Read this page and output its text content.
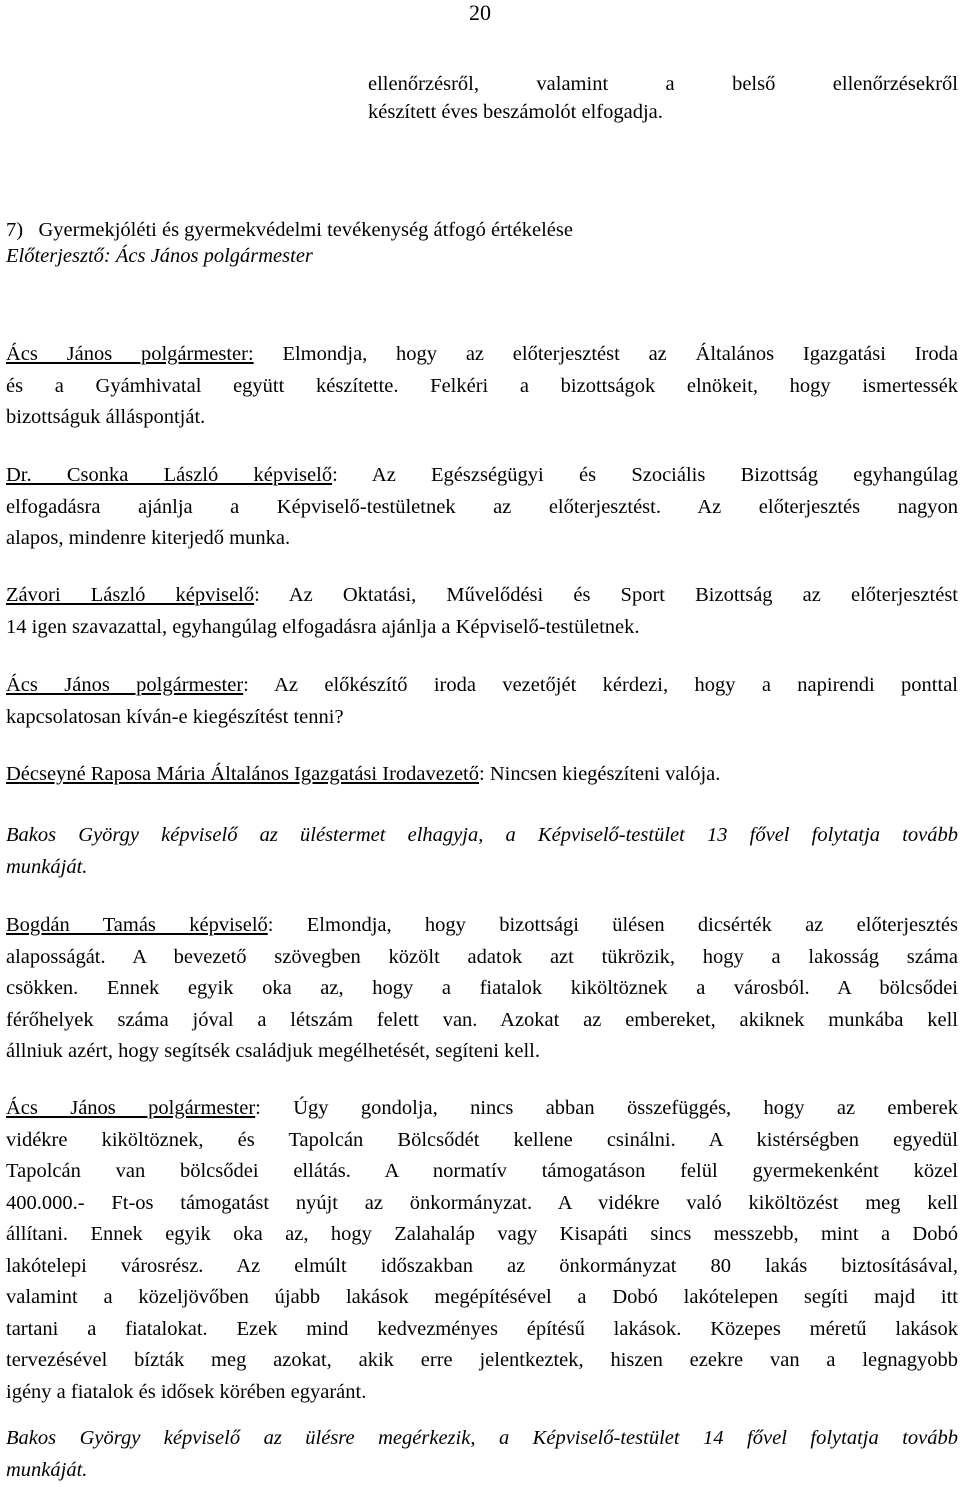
20
ellenőrzésről, valamint a belső ellenőrzésekről
készített éves beszámolót elfogadja.
7)   Gyermekjóléti és gyermekvédelmi tevékenység átfogó értékelése
Előterjesztő: Ács János polgármester
Ács János polgármester: Elmondja, hogy az előterjesztést az Általános Igazgatási Iroda
és a Gyámhivatal együtt készítette. Felkéri a bizottságok elnökeit, hogy ismertessék
bizottságuk álláspontját.
Dr. Csonka László képviselő: Az Egészségügyi és Szociális Bizottság egyhangúlag
elfogadásra ajánlja a Képviselő-testületnek az előterjesztést. Az előterjesztés nagyon
alapos, mindenre kiterjedő munka.
Závori László képviselő: Az Oktatási, Művelődési és Sport Bizottság az előterjesztést
14 igen szavazattal, egyhangúlag elfogadásra ajánlja a Képviselő-testületnek.
Ács János polgármester: Az előkészítő iroda vezetőjét kérdezi, hogy a napirendi ponttal
kapcsolatosan kíván-e kiegészítést tenni?
Décseyné Raposa Mária Általános Igazgatási Irodavezető: Nincsen kiegészíteni valója.
Bakos György képviselő az üléstermet elhagyja, a Képviselő-testület 13 fővel folytatja tovább
munkáját.
Bogdán Tamás képviselő: Elmondja, hogy bizottsági ülésen dicsérték az előterjesztés
alaposságát. A bevezető szövegben közölt adatok azt tükrözik, hogy a lakosság száma
csökken. Ennek egyik oka az, hogy a fiatalok kiköltöznek a városból. A bölcsődei
férőhelyek száma jóval a létszám felett van. Azokat az embereket, akiknek munkába kell
állniuk azért, hogy segítsék családjuk megélhetését, segíteni kell.
Ács János polgármester: Úgy gondolja, nincs abban összefüggés, hogy az emberek
vidékre kiköltöznek, és Tapolcán Bölcsődét kellene csinálni. A kistérségben egyedül
Tapolcán van bölcsődei ellátás. A normatív támogatáson felül gyermekenként közel
400.000.- Ft-os támogatást nyújt az önkormányzat. A vidékre való kiköltözést meg kell
állítani. Ennek egyik oka az, hogy Zalahaláp vagy Kisapáti sincs messzebb, mint a Dobó
lakótelepi városrész. Az elmúlt időszakban az önkormányzat 80 lakás biztosításával,
valamint a közeljövőben újabb lakások megépítésével a Dobó lakótelepen segíti majd itt
tartani a fiatalokat. Ezek mind kedvezményes építésű lakások. Közepes méretű lakások
tervezésével bízták meg azokat, akik erre jelentkeztek, hiszen ezekre van a legnagyobb
igény a fiatalok és idősek körében egyaránt.
Bakos György képviselő az ülésre megérkezik, a Képviselő-testület 14 fővel folytatja tovább
munkáját.
